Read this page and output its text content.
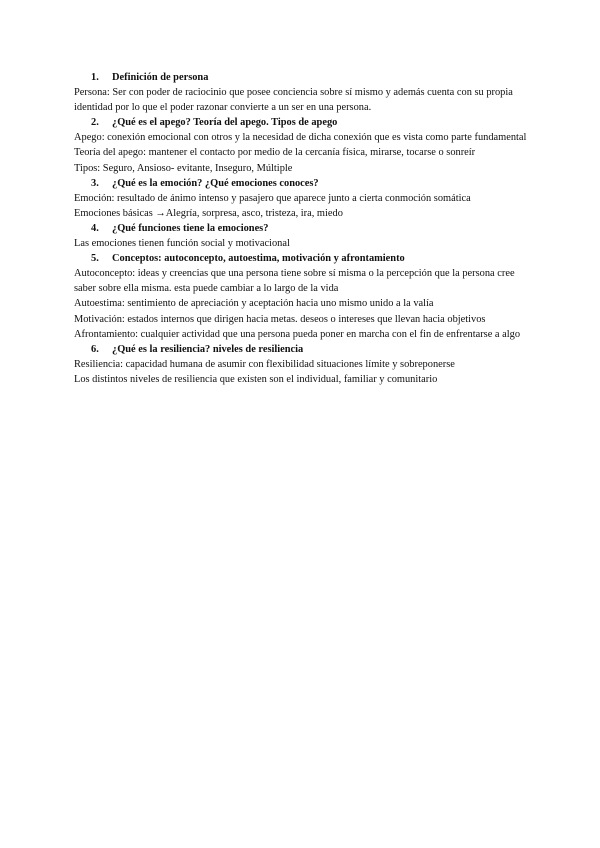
1.	Definición de persona

Persona: Ser con poder de raciocinio que posee conciencia sobre sí mismo y además cuenta con su propia identidad por lo que el poder razonar convierte a un ser en una persona.

2.	¿Qué es el apego? Teoría del apego. Tipos de apego

Apego: conexión emocional con otros y la necesidad de dicha conexión que es vista como parte fundamental

Teoría del apego: mantener el contacto por medio de la cercanía física, mirarse, tocarse o sonreír

Tipos: Seguro, Ansioso- evitante, Inseguro, Múltiple

3.	¿Qué es la emoción? ¿Qué emociones conoces?

Emoción: resultado de ánimo intenso y pasajero que aparece junto a cierta conmoción somática

Emociones básicas →Alegría, sorpresa, asco, tristeza, ira, miedo

4.	¿Qué funciones tiene la emociones?

Las emociones tienen función social y motivacional

5.	Conceptos: autoconcepto, autoestima, motivación y afrontamiento

Autoconcepto: ideas y creencias que una persona tiene sobre sí misma o la percepción que la persona cree saber sobre ella misma. esta puede cambiar a lo largo de la vida

Autoestima: sentimiento de apreciación y aceptación hacia uno mismo unido a la valía

Motivación: estados internos que dirigen hacia metas. deseos o intereses que llevan hacia objetivos

Afrontamiento: cualquier actividad que una persona pueda poner en marcha con el fin de enfrentarse a algo

6.	¿Qué es la resiliencia? niveles de resiliencia

Resiliencia: capacidad humana de asumir con flexibilidad situaciones límite y sobreponerse

Los distintos niveles de resiliencia que existen son el individual, familiar y comunitario
